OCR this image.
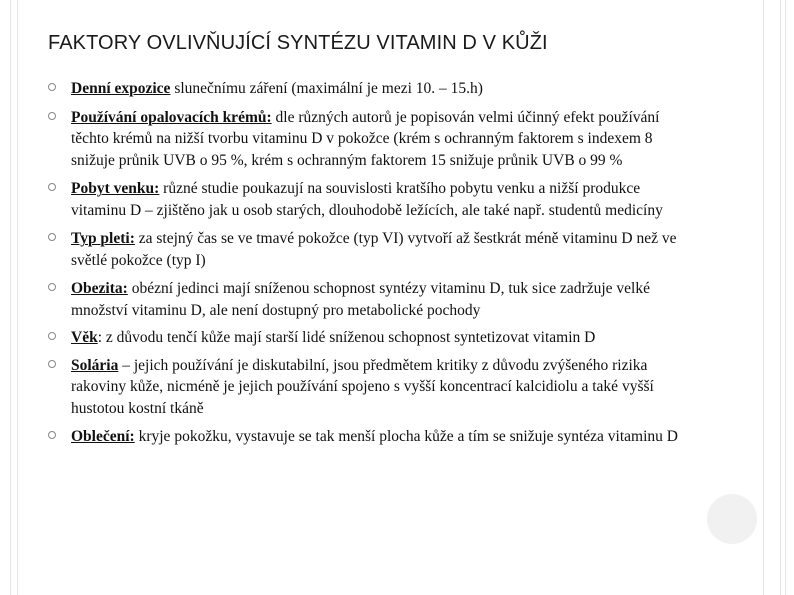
FAKTORY OVLIVŇUJÍCÍ SYNTÉZU VITAMIN D V KŮŽI
Denní expozice slunečnímu záření (maximální je mezi 10. – 15.h)
Používání opalovacích krémů: dle různých autorů je popisován velmi účinný efekt používání těchto krémů na nižší tvorbu vitaminu D v pokožce (krém s ochranným faktorem s indexem 8 snižuje průnik UVB o 95 %, krém s ochranným faktorem 15 snižuje průnik UVB o 99 %
Pobyt venku: různé studie poukazují na souvislosti kratšího pobytu venku a nižší produkce vitaminu D – zjištěno jak u osob starých, dlouhodobě ležících, ale také např. studentů medicíny
Typ pleti: za stejný čas se ve tmavé pokožce (typ VI) vytvoří až šestkrát méně vitaminu D než ve světlé pokožce (typ I)
Obezita: obézní jedinci mají sníženou schopnost syntézy vitaminu D, tuk sice zadržuje velké množství vitaminu D, ale není dostupný pro metabolické pochody
Věk: z důvodu tenčí kůže mají starší lidé sníženou schopnost syntetizovat vitamin D
Solária – jejich používání je diskutabilní, jsou předmětem kritiky z důvodu zvýšeného rizika rakoviny kůže, nicméně je jejich používání spojeno s vyšší koncentrací kalcidiolu a také vyšší hustotou kostní tkáně
Oblečení: kryje pokožku, vystavuje se tak menší plocha kůže a tím se snižuje syntéza vitaminu D
